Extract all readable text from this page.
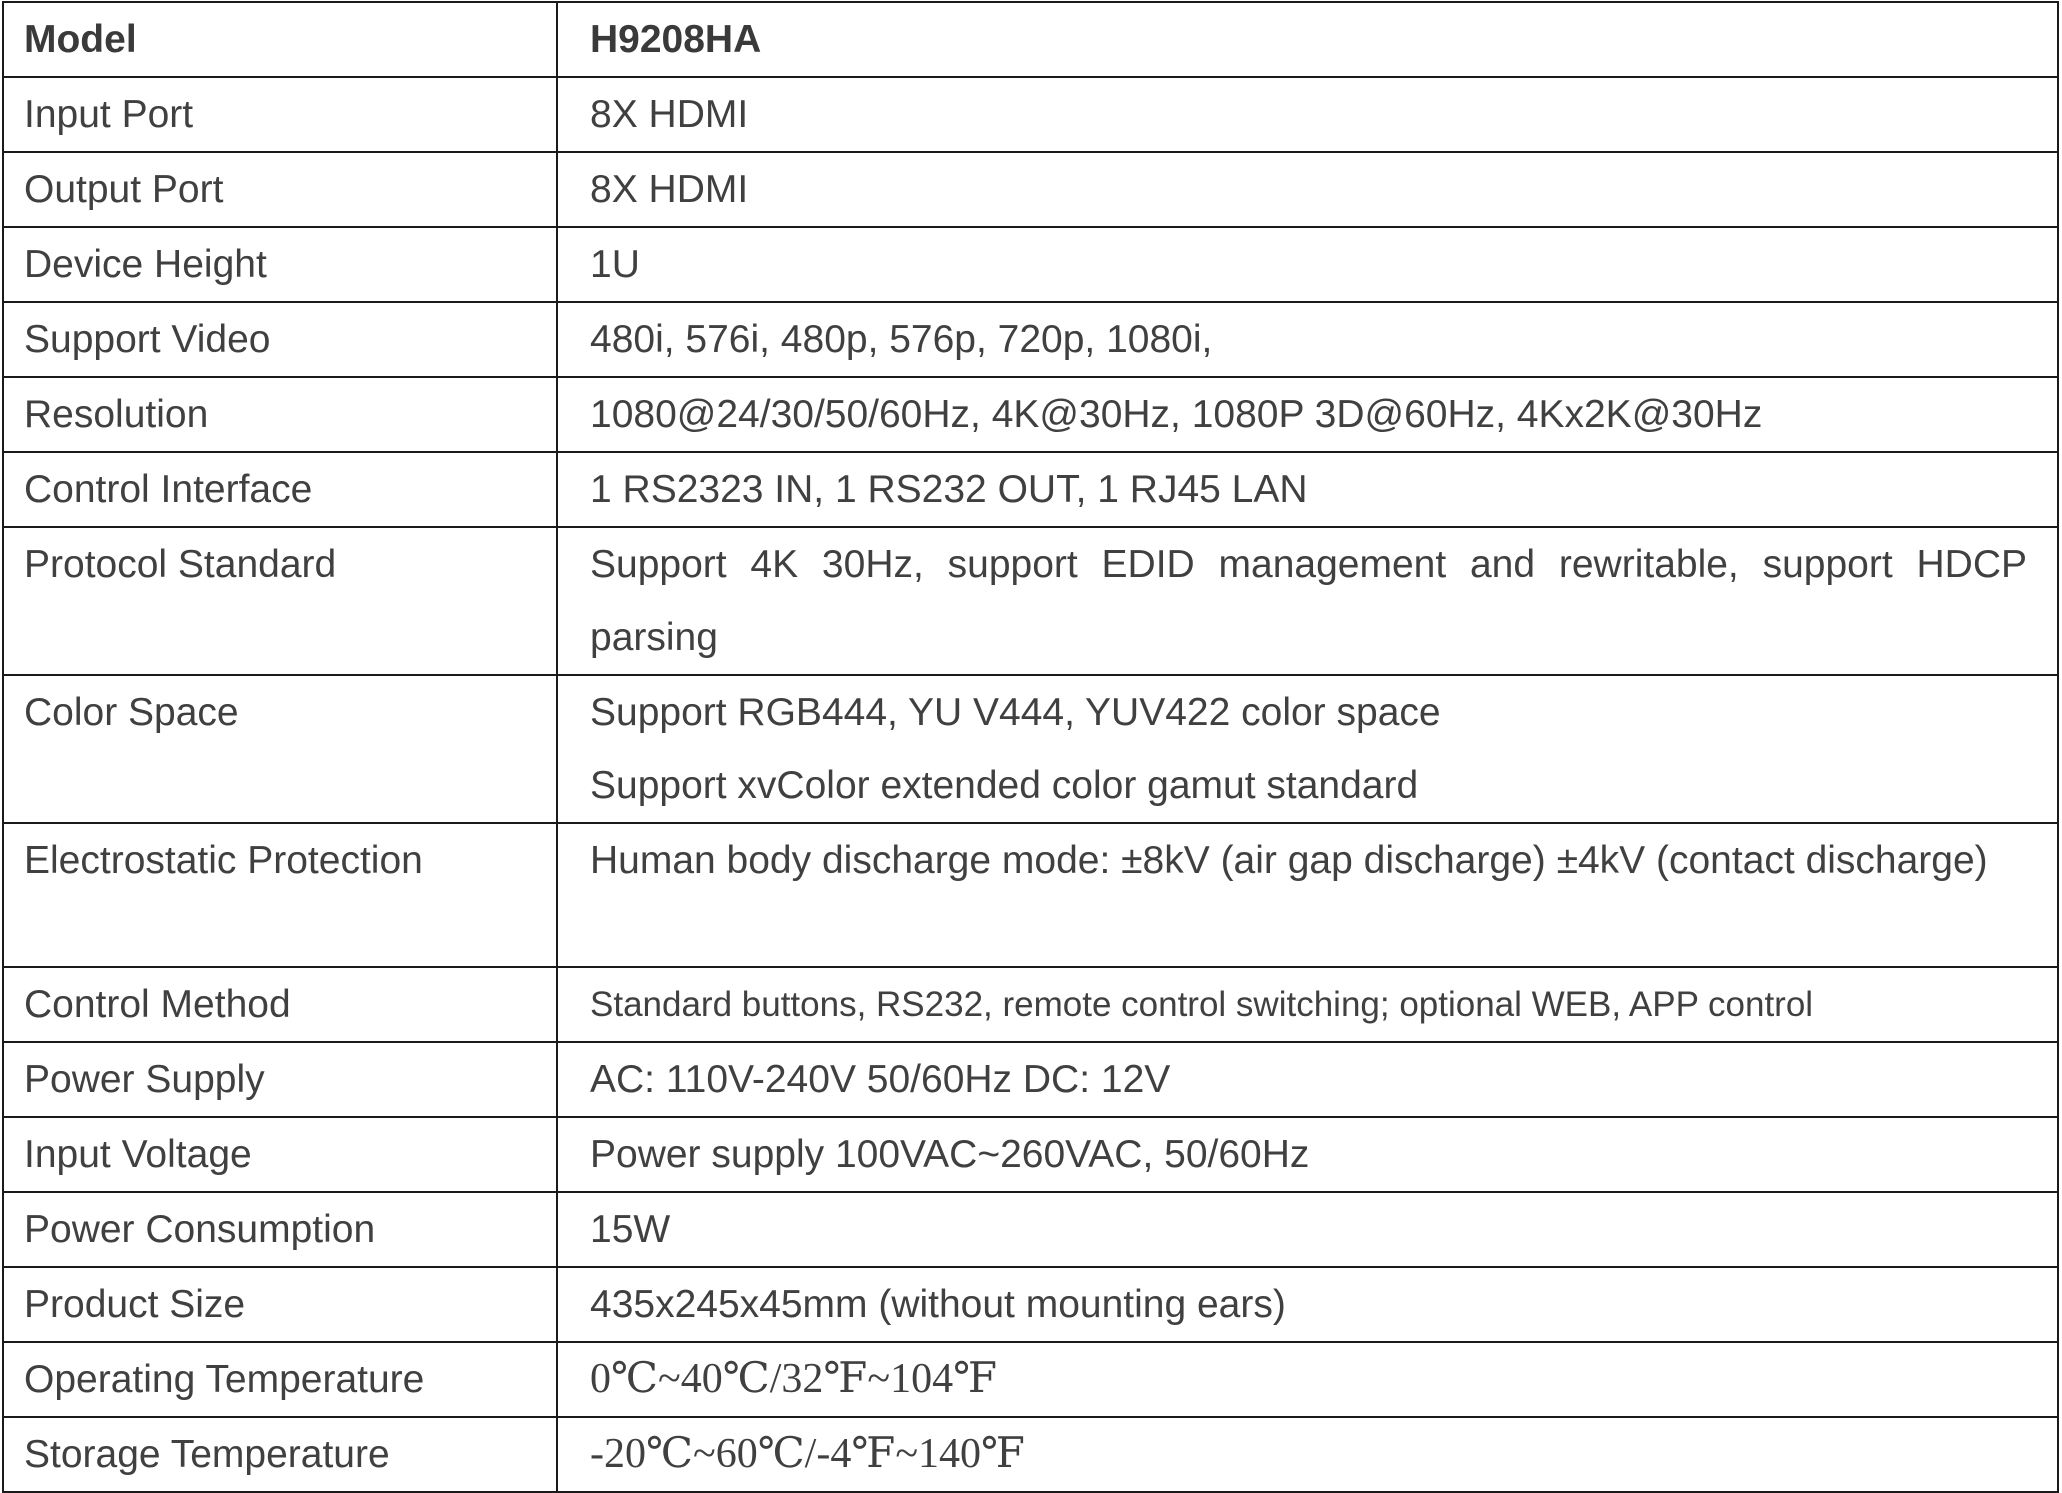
Model	H9208HA
Input Port	8X HDMI
Output Port	8X HDMI
Device Height	1U
Support Video	480i, 576i, 480p, 576p, 720p, 1080i,
Resolution	1080@24/30/50/60Hz, 4K@30Hz, 1080P 3D@60Hz, 4Kx2K@30Hz
Control Interface	1 RS2323 IN, 1 RS232 OUT, 1 RJ45 LAN
Protocol Standard	Support 4K 30Hz, support EDID management and rewritable, support HDCP parsing
Color Space	Support RGB444, YU V444, YUV422 color space
Support xvColor extended color gamut standard
Electrostatic Protection	Human body discharge mode: ±8kV (air gap discharge) ±4kV (contact discharge)
Control Method	Standard buttons, RS232, remote control switching; optional WEB, APP control
Power Supply	AC: 110V-240V 50/60Hz DC: 12V
Input Voltage	Power supply 100VAC~260VAC, 50/60Hz
Power Consumption	15W
Product Size	435x245x45mm (without mounting ears)
Operating Temperature	0℃~40℃/32℉~104℉
Storage Temperature	-20℃~60℃/-4℉~140℉
